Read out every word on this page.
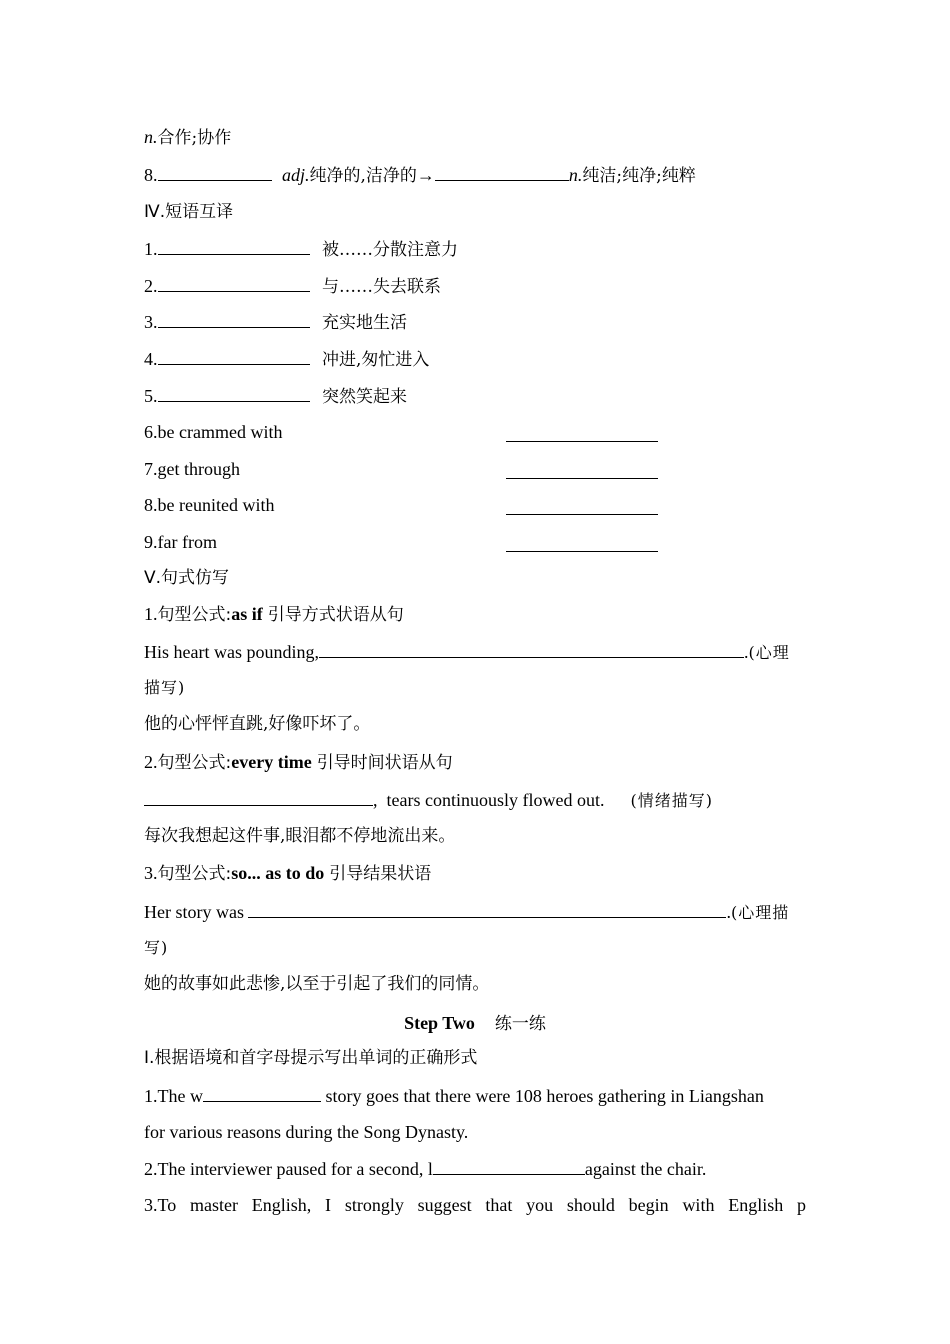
n.合作;协作
8.	adj.纯净的,洁净的→	n.纯洁;纯净;纯粹
Ⅳ.短语互译
1.	被……分散注意力
2.	与……失去联系
3.	充实地生活
4.	冲进,匆忙进入
5.	突然笑起来
6.be crammed with
7.get through
8.be reunited with
9.far from
Ⅴ.句式仿写
1.句型公式:as if 引导方式状语从句
His heart was pounding,	.(心理
描写)
他的心怦怦直跳,好像吓坏了。
2.句型公式:every time 引导时间状语从句
,  tears continuously flowed out. (情绪描写)
每次我想起这件事,眼泪都不停地流出来。
3.句型公式:so... as to do 引导结果状语
Her story was	.(心理描
写)
她的故事如此悲惨,以至于引起了我们的同情。
Step Two 练一练
Ⅰ.根据语境和首字母提示写出单词的正确形式
1.The w	story goes that there were 108 heroes gathering in Liangshan
for various reasons during the Song Dynasty.
2.The interviewer paused for a second, l	against the chair.
3.To master English, I strongly suggest that you should begin with English p
